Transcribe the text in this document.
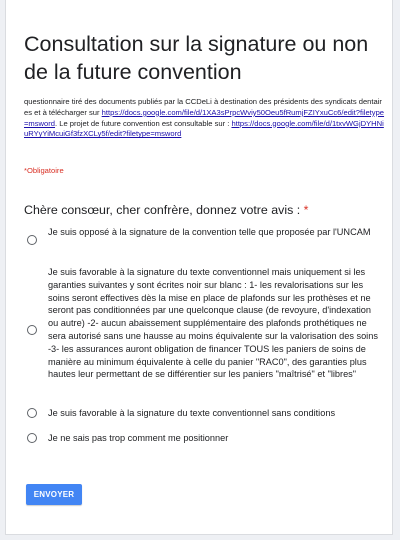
Consultation sur la signature ou non de la future convention
questionnaire tiré des documents publiés par la CCDeLi à destination des présidents des syndicats dentaires et à télécharger sur https://docs.google.com/file/d/1XA3sPrpcWviy50Oeu5fRumjFZIYxuCc6/edit?filetype=msword. Le projet de future convention est consultable sur : https://docs.google.com/file/d/1txvWGjDYHNiuRYyYiMcuiGf3fzXCLy5f/edit?filetype=msword
*Obligatoire
Chère consœur, cher confrère, donnez votre avis : *
Je suis opposé à la signature de la convention telle que proposée par l'UNCAM
Je suis favorable à la signature du texte conventionnel mais uniquement si les garanties suivantes y sont écrites noir sur blanc : 1- les revalorisations sur les soins seront effectives dès la mise en place de plafonds sur les prothèses et ne seront pas conditionnées par une quelconque clause (de revoyure, d'indexation ou autre) -2- aucun abaissement supplémentaire des plafonds prothétiques ne sera autorisé sans une hausse au moins équivalente sur la valorisation des soins -3- les assurances auront obligation de financer TOUS les paniers de soins de manière au minimum équivalente à celle du panier "RAC0", des garanties plus hautes leur permettant de se différentier sur les paniers "maîtrisé" et "libres"
Je suis favorable à la signature du texte conventionnel sans conditions
Je ne sais pas trop comment me positionner
ENVOYER
